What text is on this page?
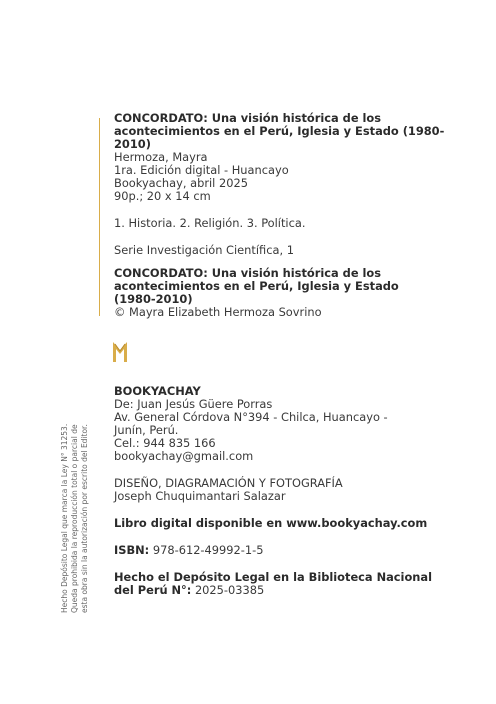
CONCORDATO: Una visión histórica de los
acontecimientos en el Perú, Iglesia y Estado (1980-
2010)
Hermoza, Mayra
1ra. Edición digital - Huancayo
Bookyachay, abril 2025
90p.; 20 x 14 cm
1. Historia. 2. Religión. 3. Política.
Serie Investigación Científica, 1
CONCORDATO: Una visión histórica de los
acontecimientos en el Perú, Iglesia y Estado
(1980-2010)
© Mayra Elizabeth Hermoza Sovrino
BOOKYACHAY
De: Juan Jesús Güere Porras
Av. General Córdova N°394 - Chilca, Huancayo -
Junín, Perú.
Cel.: 944 835 166
bookyachay@gmail.com
DISEÑO, DIAGRAMACIÓN Y FOTOGRAFÍA
Joseph Chuquimantari Salazar
Libro digital disponible en www.bookyachay.com
ISBN: 978-612-49992-1-5
Hecho el Depósito Legal en la Biblioteca Nacional
del Perú N°: 2025-03385
Hecho Depósito Legal que marca la Ley N° 31253. Queda prohibida la reproducción total o parcial de esta obra sin la autorización por escrito del Editor.
